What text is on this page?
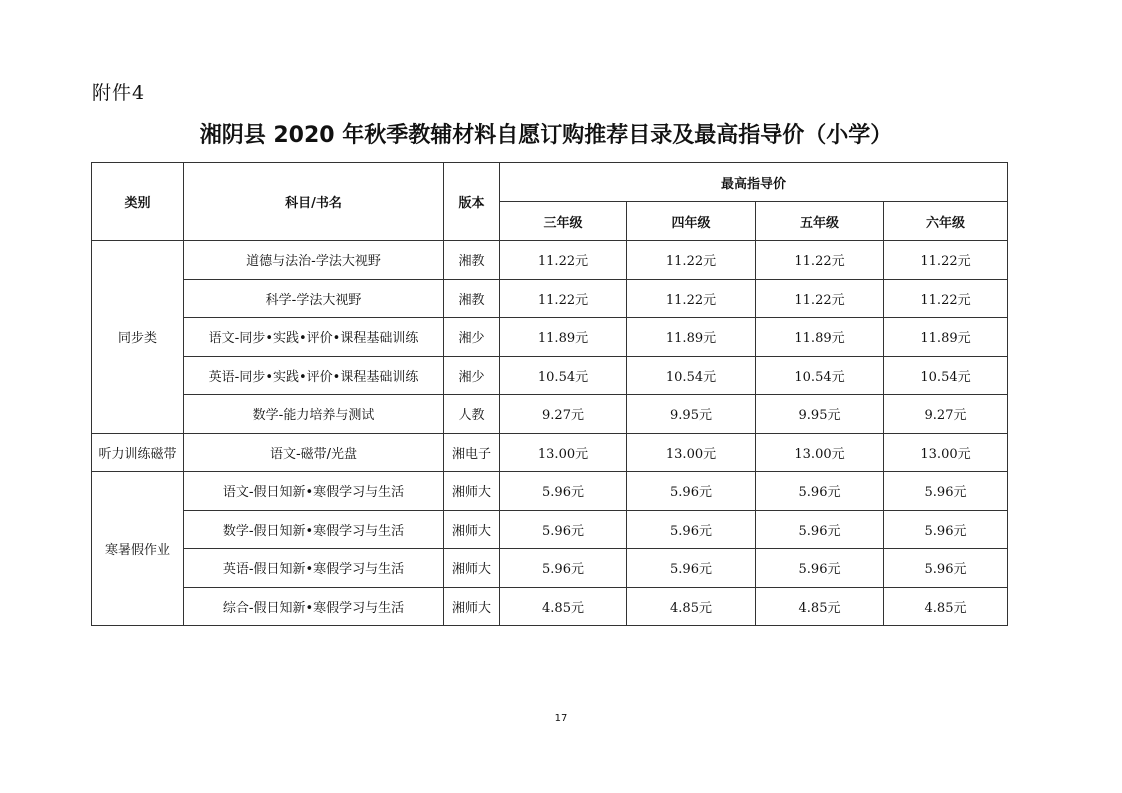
附件4
湘阴县 2020 年秋季教辅材料自愿订购推荐目录及最高指导价（小学）
类别	科目/书名	版本	最高指导价			
			三年级	四年级	五年级	六年级
同步类	道德与法治-学法大视野	湘教	11.22元	11.22元	11.22元	11.22元
	科学-学法大视野	湘教	11.22元	11.22元	11.22元	11.22元
	语文-同步•实践•评价•课程基础训练	湘少	11.89元	11.89元	11.89元	11.89元
	英语-同步•实践•评价•课程基础训练	湘少	10.54元	10.54元	10.54元	10.54元
	数学-能力培养与测试	人教	9.27元	9.95元	9.95元	9.27元
听力训练磁带	语文-磁带/光盘	湘电子	13.00元	13.00元	13.00元	13.00元
寒暑假作业	语文-假日知新•寒假学习与生活	湘师大	5.96元	5.96元	5.96元	5.96元
	数学-假日知新•寒假学习与生活	湘师大	5.96元	5.96元	5.96元	5.96元
	英语-假日知新•寒假学习与生活	湘师大	5.96元	5.96元	5.96元	5.96元
	综合-假日知新•寒假学习与生活	湘师大	4.85元	4.85元	4.85元	4.85元
17
